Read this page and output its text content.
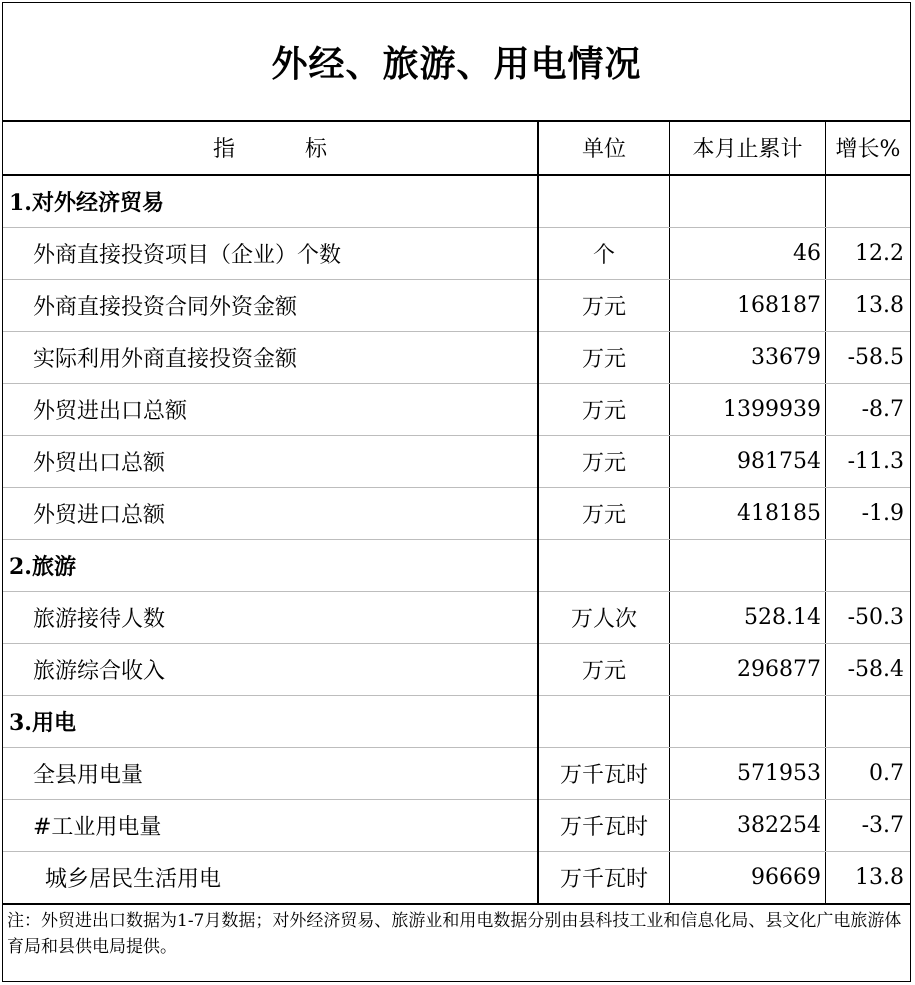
外经、旅游、用电情况
指标	单位	本月止累计	增长%
1.对外经济贸易			
外商直接投资项目（企业）个数	个	46	12.2
外商直接投资合同外资金额	万元	168187	13.8
实际利用外商直接投资金额	万元	33679	-58.5
外贸进出口总额	万元	1399939	-8.7
外贸出口总额	万元	981754	-11.3
外贸进口总额	万元	418185	-1.9
2.旅游			
旅游接待人数	万人次	528.14	-50.3
旅游综合收入	万元	296877	-58.4
3.用电			
全县用电量	万千瓦时	571953	0.7
#工业用电量	万千瓦时	382254	-3.7
城乡居民生活用电	万千瓦时	96669	13.8
注：外贸进出口数据为1-7月数据；对外经济贸易、旅游业和用电数据分别由县科技工业和信息化局、县文化广电旅游体育局和县供电局提供。
